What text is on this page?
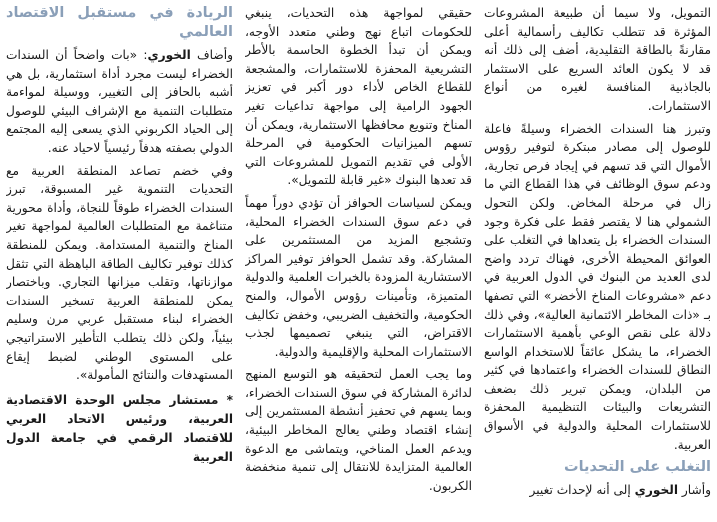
التمويل، ولا سيما أن طبيعة المشروعات المؤثرة قد تتطلب تكاليف رأسمالية أعلى مقارنةً بالطاقة التقليدية، أضف إلى ذلك أنه قد لا يكون العائد السريع على الاستثمار بالجاذبية المنافسة لغيره من أنواع الاستثمارات.

وتبرز هنا السندات الخضراء وسيلةً فاعلة للوصول إلى مصادر مبتكرة لتوفير رؤوس الأموال التي قد تسهم في إيجاد فرص تجارية، ودعم سوق الوظائف في هذا القطاع التي ما زال في مرحلة المخاض. ولكن التحول الشمولي هنا لا يقتصر فقط على فكرة وجود السندات الخضراء بل يتعداها في التغلب على العوائق المحيطة الأخرى، فهناك تردد واضح لدى العديد من البنوك في الدول العربية في دعم «مشروعات المناخ الأخضر» التي تصفها بـ «ذات المخاطر الائتمانية العالية»، وفي ذلك دلالة على نقص الوعي بأهمية الاستثمارات الخضراء، ما يشكل عائقاً للاستخدام الواسع النطاق للسندات الخضراء واعتمادها في كثير من البلدان، ويمكن تبرير ذلك بضعف التشريعات والبيئات التنظيمية المحفزة للاستثمارات المحلية والدولية في الأسواق العربية.

التغلب على التحديات

وأشار الخوري إلى أنه لإحداث تغيير

حقيقي لمواجهة هذه التحديات، ينبغي للحكومات اتباع نهج وطني متعدد الأوجه، ويمكن أن تبدأ الخطوة الحاسمة بالأطر التشريعية المحفزة للاستثمارات، والمشجعة للقطاع الخاص لأداء دور أكبر في تعزيز الجهود الرامية إلى مواجهة تداعيات تغير المناخ وتنويع محافظها الاستثمارية، ويمكن أن تسهم الميزانيات الحكومية في المرحلة الأولى في تقديم التمويل للمشروعات التي قد تعدها البنوك «غير قابلة للتمويل».

ويمكن لسياسات الحوافز أن تؤدي دوراً مهماً في دعم سوق السندات الخضراء المحلية، وتشجيع المزيد من المستثمرين على المشاركة. وقد تشمل الحوافز توفير المراكز الاستشارية المزودة بالخبرات العلمية والدولية المتميزة، وتأمينات رؤوس الأموال، والمنح الحكومية، والتخفيف الضريبي، وخفض تكاليف الاقتراض، التي ينبغي تصميمها لجذب الاستثمارات المحلية والإقليمية والدولية.

وما يجب العمل لتحقيقه هو التوسع المنهج لدائرة المشاركة في سوق السندات الخضراء، وبما يسهم في تحفيز أنشطة المستثمرين إلى إنشاء اقتصاد وطني يعالج المخاطر البيئية، ويدعم العمل المناخي، ويتماشى مع الدعوة العالمية المتزايدة للانتقال إلى تنمية منخفضة الكربون.

الريادة في مستقبل الاقتصاد العالمي

وأضاف الخوري: «بات واضحاً أن السندات الخضراء ليست مجرد أداة استثمارية، بل هي أشبه بالحافز إلى التغيير، ووسيلة لمواءمة متطلبات التنمية مع الإشراف البيئي للوصول إلى الحياد الكربوني الذي يسعى إليه المجتمع الدولي بصفته هدفاً رئيسياً لاحياد عنه.

وفي خضم تصاعد المنطقة العربية مع التحديات التنموية غير المسبوقة، تبرز السندات الخضراء طوقاً للنجاة، وأداة محورية متناغمة مع المتطلبات العالمية لمواجهة تغير المناخ والتنمية المستدامة. ويمكن للمنطقة كذلك توفير تكاليف الطاقة الباهظة التي تثقل موازناتها، وتقلب ميزانها التجاري. وباختصار يمكن للمنطقة العربية تسخير السندات الخضراء لبناء مستقبل عربي مرن وسليم بيئياً، ولكن ذلك يتطلب التأطير الاستراتيجي على المستوى الوطني لضبط إيقاع المستهدفات والنتائج المأمولة».

* مستشار مجلس الوحدة الاقتصادية العربية، ورئيس الاتحاد العربي للاقتصاد الرقمي في جامعة الدول العربية
